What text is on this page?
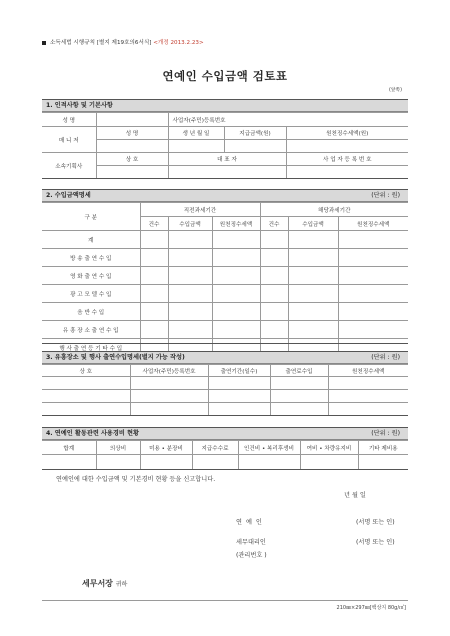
소득세법 시행규칙 [별지 제19호의6서식] <개정 2013.2.23>
연예인 수입금액 검토표
(앞쪽)
1. 인적사항 및 기본사항
성 명		사업자(주민)등록번호		
매 니 저	성 명	생 년 월 일	지급금액(원)	원천징수세액(원)

소속기획사	상 호	대 표 자		사 업 자 등 록 번 호

2. 수입금액명세	(단위 : 원)
구 분	직전과세기간			해당과세기간		
	건수	수입금액	원천징수세액	건수	수입금액	원천징수세액
계						
방 송 출 연 수 입						
영 화 출 연 수 입						
광 고 모 델 수 입						
음 반 수 입						
유 흥 장 소 출 연 수 입						
행 사 출 연 등 기 타 수 입						
3. 유흥장소 및 행사 출연수입명세(별지 가능 작성)	(단위 : 원)
상 호	사업자(주민)등록번호	출연기간(일수)	출연료수입	원천징수세액

4. 연예인 활동관련 사용경비 현황	(단위 : 원)
합계	의상비	미용 • 분장비	지급수수료	인건비 • 복리후생비	여비 • 차량유지비	기타 제비용

연예인에 대한 수입금액 및 기본경비 현황 등을 신고합니다.
년 월 일
연 예 인	(서명 또는 인)
세무대리인	(서명 또는 인)
(관리번호 )
세무서장 귀하
210㎜×297㎜[백상지 80g/㎡]
